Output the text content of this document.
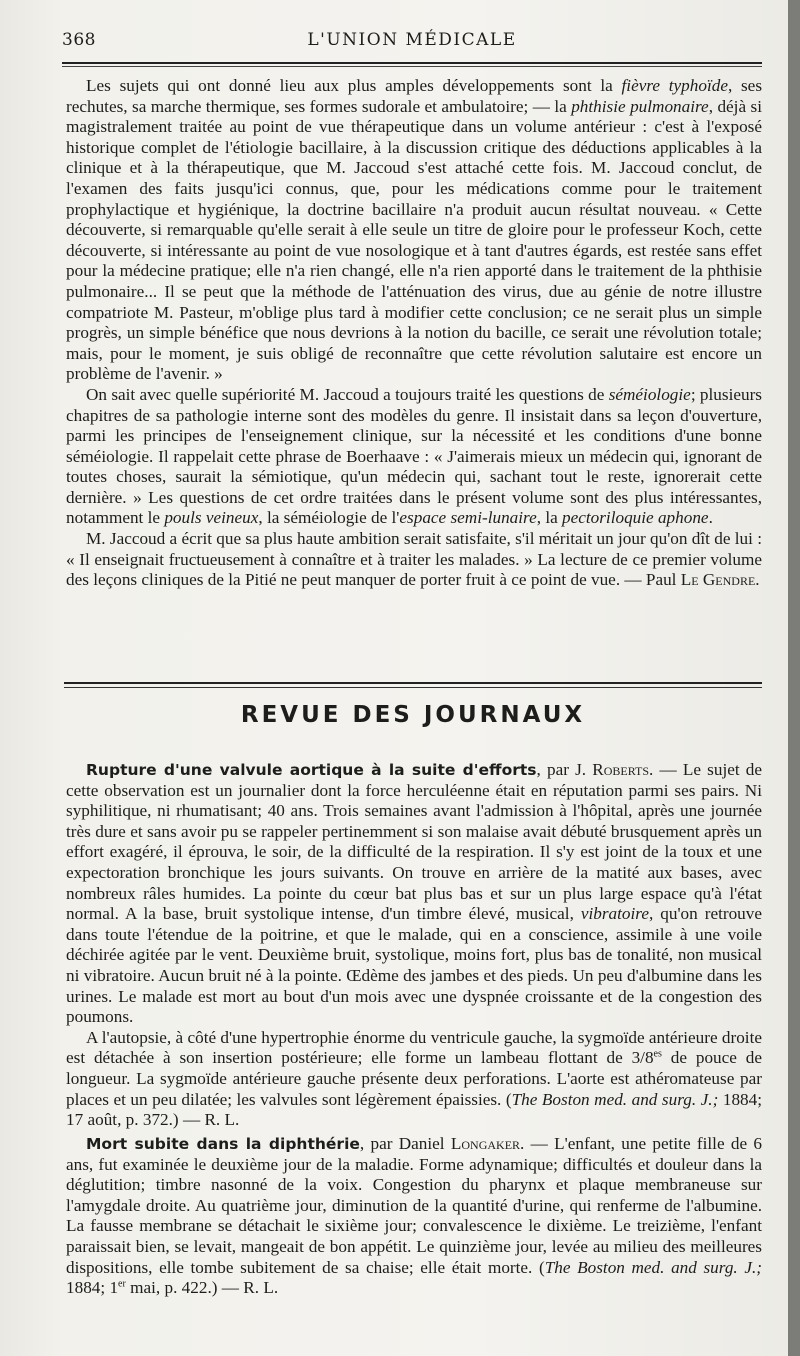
368	L'UNION MÉDICALE

Les sujets qui ont donné lieu aux plus amples développements sont la fièvre typhoïde, ses rechutes, sa marche thermique, ses formes sudorale et ambulatoire; — la phthisie pulmonaire, déjà si magistralement traitée au point de vue thérapeutique dans un volume antérieur : c'est à l'exposé historique complet de l'étiologie bacillaire, à la discussion critique des déductions applicables à la clinique et à la thérapeutique, que M. Jaccoud s'est attaché cette fois. M. Jaccoud conclut, de l'examen des faits jusqu'ici connus, que, pour les médications comme pour le traitement prophylactique et hygiénique, la doctrine bacillaire n'a produit aucun résultat nouveau. « Cette découverte, si remarquable qu'elle serait à elle seule un titre de gloire pour le professeur Koch, cette découverte, si intéressante au point de vue nosologique et à tant d'autres égards, est restée sans effet pour la médecine pratique; elle n'a rien changé, elle n'a rien apporté dans le traitement de la phthisie pulmonaire... Il se peut que la méthode de l'atténuation des virus, due au génie de notre illustre compatriote M. Pasteur, m'oblige plus tard à modifier cette conclusion; ce ne serait plus un simple progrès, un simple bénéfice que nous devrions à la notion du bacille, ce serait une révolution totale; mais, pour le moment, je suis obligé de reconnaître que cette révolution salutaire est encore un problème de l'avenir. »

On sait avec quelle supériorité M. Jaccoud a toujours traité les questions de séméiologie; plusieurs chapitres de sa pathologie interne sont des modèles du genre. Il insistait dans sa leçon d'ouverture, parmi les principes de l'enseignement clinique, sur la nécessité et les conditions d'une bonne séméiologie. Il rappelait cette phrase de Boerhaave : « J'aimerais mieux un médecin qui, ignorant de toutes choses, saurait la sémiotique, qu'un médecin qui, sachant tout le reste, ignorerait cette dernière. » Les questions de cet ordre traitées dans le présent volume sont des plus intéressantes, notamment le pouls veineux, la séméiologie de l'espace semi-lunaire, la pectoriloquie aphone.

M. Jaccoud a écrit que sa plus haute ambition serait satisfaite, s'il méritait un jour qu'on dît de lui : « Il enseignait fructueusement à connaître et à traiter les malades. » La lecture de ce premier volume des leçons cliniques de la Pitié ne peut manquer de porter fruit à ce point de vue. — Paul Le Gendre.

REVUE DES JOURNAUX

Rupture d'une valvule aortique à la suite d'efforts, par J. Roberts. — Le sujet de cette observation est un journalier dont la force herculéenne était en réputation parmi ses pairs. Ni syphilitique, ni rhumatisant; 40 ans. Trois semaines avant l'admission à l'hôpital, après une journée très dure et sans avoir pu se rappeler pertinemment si son malaise avait débuté brusquement après un effort exagéré, il éprouva, le soir, de la difficulté de la respiration. Il s'y est joint de la toux et une expectoration bronchique les jours suivants. On trouve en arrière de la matité aux bases, avec nombreux râles humides. La pointe du cœur bat plus bas et sur un plus large espace qu'à l'état normal. A la base, bruit systolique intense, d'un timbre élevé, musical, vibratoire, qu'on retrouve dans toute l'étendue de la poitrine, et que le malade, qui en a conscience, assimile à une voile déchirée agitée par le vent. Deuxième bruit, systolique, moins fort, plus bas de tonalité, non musical ni vibratoire. Aucun bruit né à la pointe. Œdème des jambes et des pieds. Un peu d'albumine dans les urines. Le malade est mort au bout d'un mois avec une dyspnée croissante et de la congestion des poumons.

A l'autopsie, à côté d'une hypertrophie énorme du ventricule gauche, la sygmoïde antérieure droite est détachée à son insertion postérieure; elle forme un lambeau flottant de $3/8^{es}$ de pouce de longueur. La sygmoïde antérieure gauche présente deux perforations. L'aorte est athéromateuse par places et un peu dilatée; les valvules sont légèrement épaissies. (The Boston med. and surg. J.; 1884; 17 août, p. 372.) — R. L.

Mort subite dans la diphthérie, par Daniel Longaker. — L'enfant, une petite fille de 6 ans, fut examinée le deuxième jour de la maladie. Forme adynamique; difficultés et douleur dans la déglutition; timbre nasonné de la voix. Congestion du pharynx et plaque membraneuse sur l'amygdale droite. Au quatrième jour, diminution de la quantité d'urine, qui renferme de l'albumine. La fausse membrane se détachait le sixième jour; convalescence le dixième. Le treizième, l'enfant paraissait bien, se levait, mangeait de bon appétit. Le quinzième jour, levée au milieu des meilleures dispositions, elle tombe subitement de sa chaise; elle était morte. (The Boston med. and surg. J.; 1884; 1er mai, p. 422.) — R. L.
